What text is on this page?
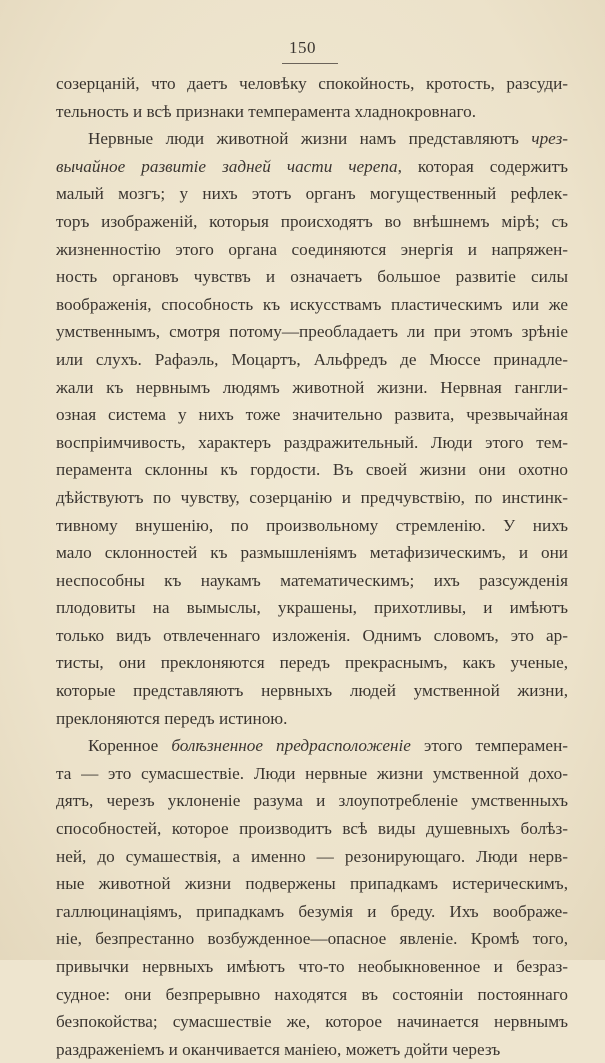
150
созерцаній, что даетъ человѣку спокойность, кротость, разсуди-
тельность и всѣ признаки темперамента хладнокровнаго.
Нервные люди животной жизни намъ представляютъ чрез-
вычайное развитіе задней части черепа, которая содержитъ
малый мозгъ; у нихъ этотъ органъ могущественный рефлек-
торъ изображеній, которыя происходятъ во внѣшнемъ мірѣ; съ
жизненностію этого органа соединяются энергія и напряжен-
ность органовъ чувствъ и означаетъ большое развитіе силы
воображенія, способность къ искусствамъ пластическимъ или же
умственнымъ, смотря потому—преобладаетъ ли при этомъ зрѣніе
или слухъ. Рафаэль, Моцартъ, Альфредъ де Мюссе принадле-
жали къ нервнымъ людямъ животной жизни. Нервная гангли-
озная система у нихъ тоже значительно развита, чрезвычайная
воспріимчивость, характеръ раздражительный. Люди этого тем-
перамента склонны къ гордости. Въ своей жизни они охотно
дѣйствуютъ по чувству, созерцанію и предчувствію, по инстинк-
тивному внушенію, по произвольному стремленію. У нихъ
мало склонностей къ размышленіямъ метафизическимъ, и они
неспособны къ наукамъ математическимъ; ихъ разсужденія
плодовиты на вымыслы, украшены, прихотливы, и имѣютъ
только видъ отвлеченнаго изложенія. Однимъ словомъ, это ар-
тисты, они преклоняются передъ прекраснымъ, какъ ученые,
которые представляютъ нервныхъ людей умственной жизни,
преклоняются передъ истиною.
Коренное болѣзненное предрасположеніе этого темперамен-
та — это сумасшествіе. Люди нервные жизни умственной дохо-
дятъ, черезъ уклоненіе разума и злоупотребленіе умственныхъ
способностей, которое производитъ всѣ виды душевныхъ болѣз-
ней, до сумашествія, а именно — резонирующаго. Люди нерв-
ные животной жизни подвержены припадкамъ истерическимъ,
галлюцинаціямъ, припадкамъ безумія и бреду. Ихъ воображе-
ніе, безпрестанно возбужденное—опасное явленіе. Кромѣ того,
привычки нервныхъ имѣютъ что-то необыкновенное и безраз-
судное: они безпрерывно находятся въ состояніи постояннаго
безпокойства; сумасшествіе же, которое начинается нервнымъ
раздраженіемъ и оканчивается маніею, можетъ дойти черезъ
